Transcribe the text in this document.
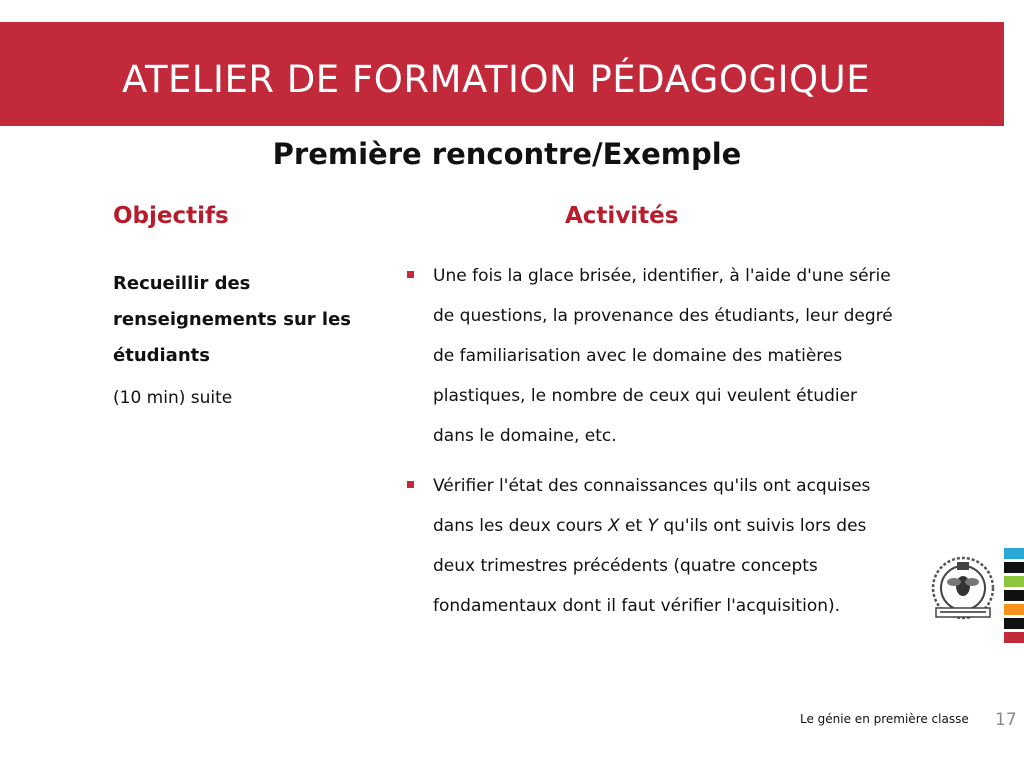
ATELIER DE FORMATION PÉDAGOGIQUE
Première rencontre/Exemple
Objectifs	Activités
Recueillir des renseignements sur les étudiants
(10 min) suite
Une fois la glace brisée, identifier, à l'aide d'une série de questions, la provenance des étudiants, leur degré de familiarisation avec le domaine des matières plastiques, le nombre de ceux qui veulent étudier dans le domaine, etc.
Vérifier l'état des connaissances qu'ils ont acquises dans les deux cours X et Y qu'ils ont suivis lors des deux trimestres précédents (quatre concepts fondamentaux dont il faut vérifier l'acquisition).
Le génie en première classe 17
